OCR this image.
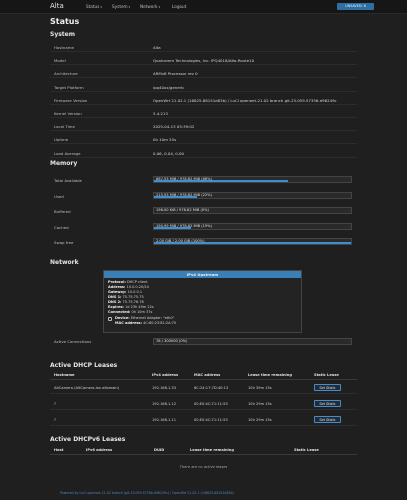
Alta	Status▾ System▾ Network▾	Logout	UNSAVED: 6
Status
System
Hostname	Alta
Model	Qualcomm Technologies, Inc. IPQ4018/Alta-Route10
Architecture	ARMv8 Processor rev 0
Target Platform	ipq40xx/generic
Firmware Version	OpenWrt 21.02.1 (16825-88151d83b) / LuCI openwrt-21.02 branch git-23.059.57356-d96249c
Kernel Version	5.4.213
Local Time	2025-04-13 05:39:02
Uptime	0h 10m 55s
Load Average	0.06, 0.04, 0.00
Memory
Total Available	687.53 MiB / 978.82 MiB (68%)
Used	215.93 MiB / 978.82 MiB (22%)
Buffered	196.00 KiB / 978.82 MiB (0%)
Cached	190.99 MiB / 978.82 MiB (19%)
Swap free	2.00 GiB / 2.00 GiB (100%)
Network
IPv4 Upstream
Protocol: DHCP client
Address: 10.0.0.20/24
Gateway: 10.0.0.1
DNS 1: 75.75.75.75
DNS 2: 75.75.76.76
Expires: 1d 23h 49m 22s
Connected: 0h 10m 37s
Device: Ethernet Adapter: "eth0"
MAC address: 4C:80:23:81:2A:70
Active Connections	78 / 300000 (0%)
Active DHCP Leases
Hostname	IPv4 address	MAC address	Lease time remaining	Static Lease
AltCamera (AltCamera.lan.altsmain)	192.168.1.33	6C:24:17:7D:40:13	10h 39m 15s	Set Static
?	192.168.1.12	00:E0:4C:71:11:53	10h 29m 15s	Set Static
?	192.168.1.11	00:E0:4C:71:11:53	10h 29m 15s	Set Static
Active DHCPv6 Leases
Host	IPv6 address	DUID	Lease time remaining	Static Lease
There are no active leases
Powered by LuCI openwrt-21.02 branch (git-23.059.57356-d96249c) / OpenWrt 21.02.1 (r16825-88151d83b)
